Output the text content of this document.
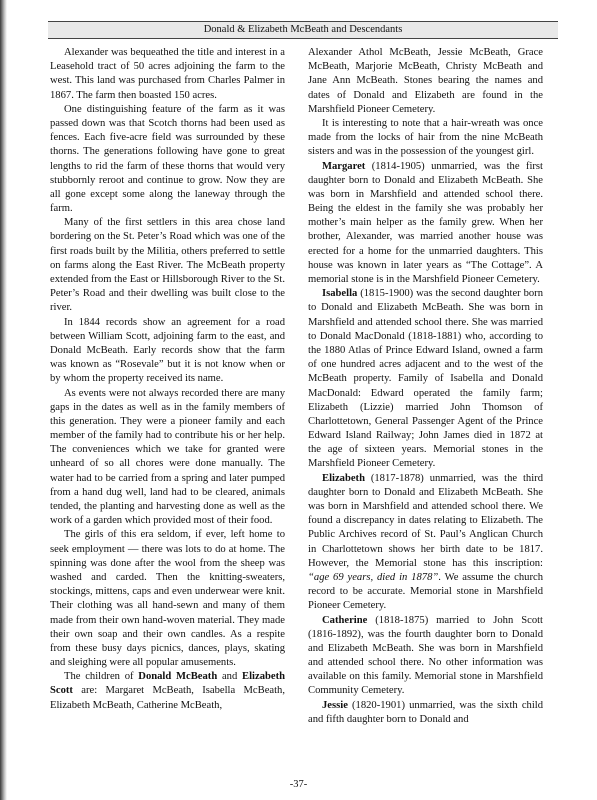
Donald & Elizabeth McBeath and Descendants

Alexander was bequeathed the title and interest in a Leasehold tract of 50 acres adjoining the farm to the west. This land was purchased from Charles Palmer in 1867. The farm then boasted 150 acres.

One distinguishing feature of the farm as it was passed down was that Scotch thorns had been used as fences. Each five-acre field was surrounded by these thorns. The generations following have gone to great lengths to rid the farm of these thorns that would very stubbornly reroot and continue to grow. Now they are all gone except some along the laneway through the farm.

Many of the first settlers in this area chose land bordering on the St. Peter’s Road which was one of the first roads built by the Militia, others preferred to settle on farms along the East River. The McBeath property extended from the East or Hillsborough River to the St. Peter’s Road and their dwelling was built close to the river.

In 1844 records show an agreement for a road between William Scott, adjoining farm to the east, and Donald McBeath. Early records show that the farm was known as “Rosevale” but it is not know when or by whom the property received its name.

As events were not always recorded there are many gaps in the dates as well as in the family members of this generation. They were a pioneer family and each member of the family had to contribute his or her help. The conveniences which we take for granted were unheard of so all chores were done manually. The water had to be carried from a spring and later pumped from a hand dug well, land had to be cleared, animals tended, the planting and harvesting done as well as the work of a garden which provided most of their food.

The girls of this era seldom, if ever, left home to seek employment — there was lots to do at home. The spinning was done after the wool from the sheep was washed and carded. Then the knitting-sweaters, stockings, mittens, caps and even underwear were knit. Their clothing was all hand-sewn and many of them made from their own hand-woven material. They made their own soap and their own candles. As a respite from these busy days picnics, dances, plays, skating and sleighing were all popular amusements.

The children of Donald McBeath and Elizabeth Scott are: Margaret McBeath, Isabella McBeath, Elizabeth McBeath, Catherine McBeath,

Alexander Athol McBeath, Jessie McBeath, Grace McBeath, Marjorie McBeath, Christy McBeath and Jane Ann McBeath. Stones bearing the names and dates of Donald and Elizabeth are found in the Marshfield Pioneer Cemetery.

It is interesting to note that a hair-wreath was once made from the locks of hair from the nine McBeath sisters and was in the possession of the youngest girl.

Margaret (1814-1905) unmarried, was the first daughter born to Donald and Elizabeth McBeath. She was born in Marshfield and attended school there. Being the eldest in the family she was probably her mother’s main helper as the family grew. When her brother, Alexander, was married another house was erected for a home for the unmarried daughters. This house was known in later years as “The Cottage”. A memorial stone is in the Marshfield Pioneer Cemetery.

Isabella (1815-1900) was the second daughter born to Donald and Elizabeth McBeath. She was born in Marshfield and attended school there. She was married to Donald MacDonald (1818-1881) who, according to the 1880 Atlas of Prince Edward Island, owned a farm of one hundred acres adjacent and to the west of the McBeath property. Family of Isabella and Donald MacDonald: Edward operated the family farm; Elizabeth (Lizzie) married John Thomson of Charlottetown, General Passenger Agent of the Prince Edward Island Railway; John James died in 1872 at the age of sixteen years. Memorial stones in the Marshfield Pioneer Cemetery.

Elizabeth (1817-1878) unmarried, was the third daughter born to Donald and Elizabeth McBeath. She was born in Marshfield and attended school there. We found a discrepancy in dates relating to Elizabeth. The Public Archives record of St. Paul’s Anglican Church in Charlottetown shows her birth date to be 1817. However, the Memorial stone has this inscription: “age 69 years, died in 1878”. We assume the church record to be accurate. Memorial stone in Marshfield Pioneer Cemetery.

Catherine (1818-1875) married to John Scott (1816-1892), was the fourth daughter born to Donald and Elizabeth McBeath. She was born in Marshfield and attended school there. No other information was available on this family. Memorial stone in Marshfield Community Cemetery.

Jessie (1820-1901) unmarried, was the sixth child and fifth daughter born to Donald and

-37-
